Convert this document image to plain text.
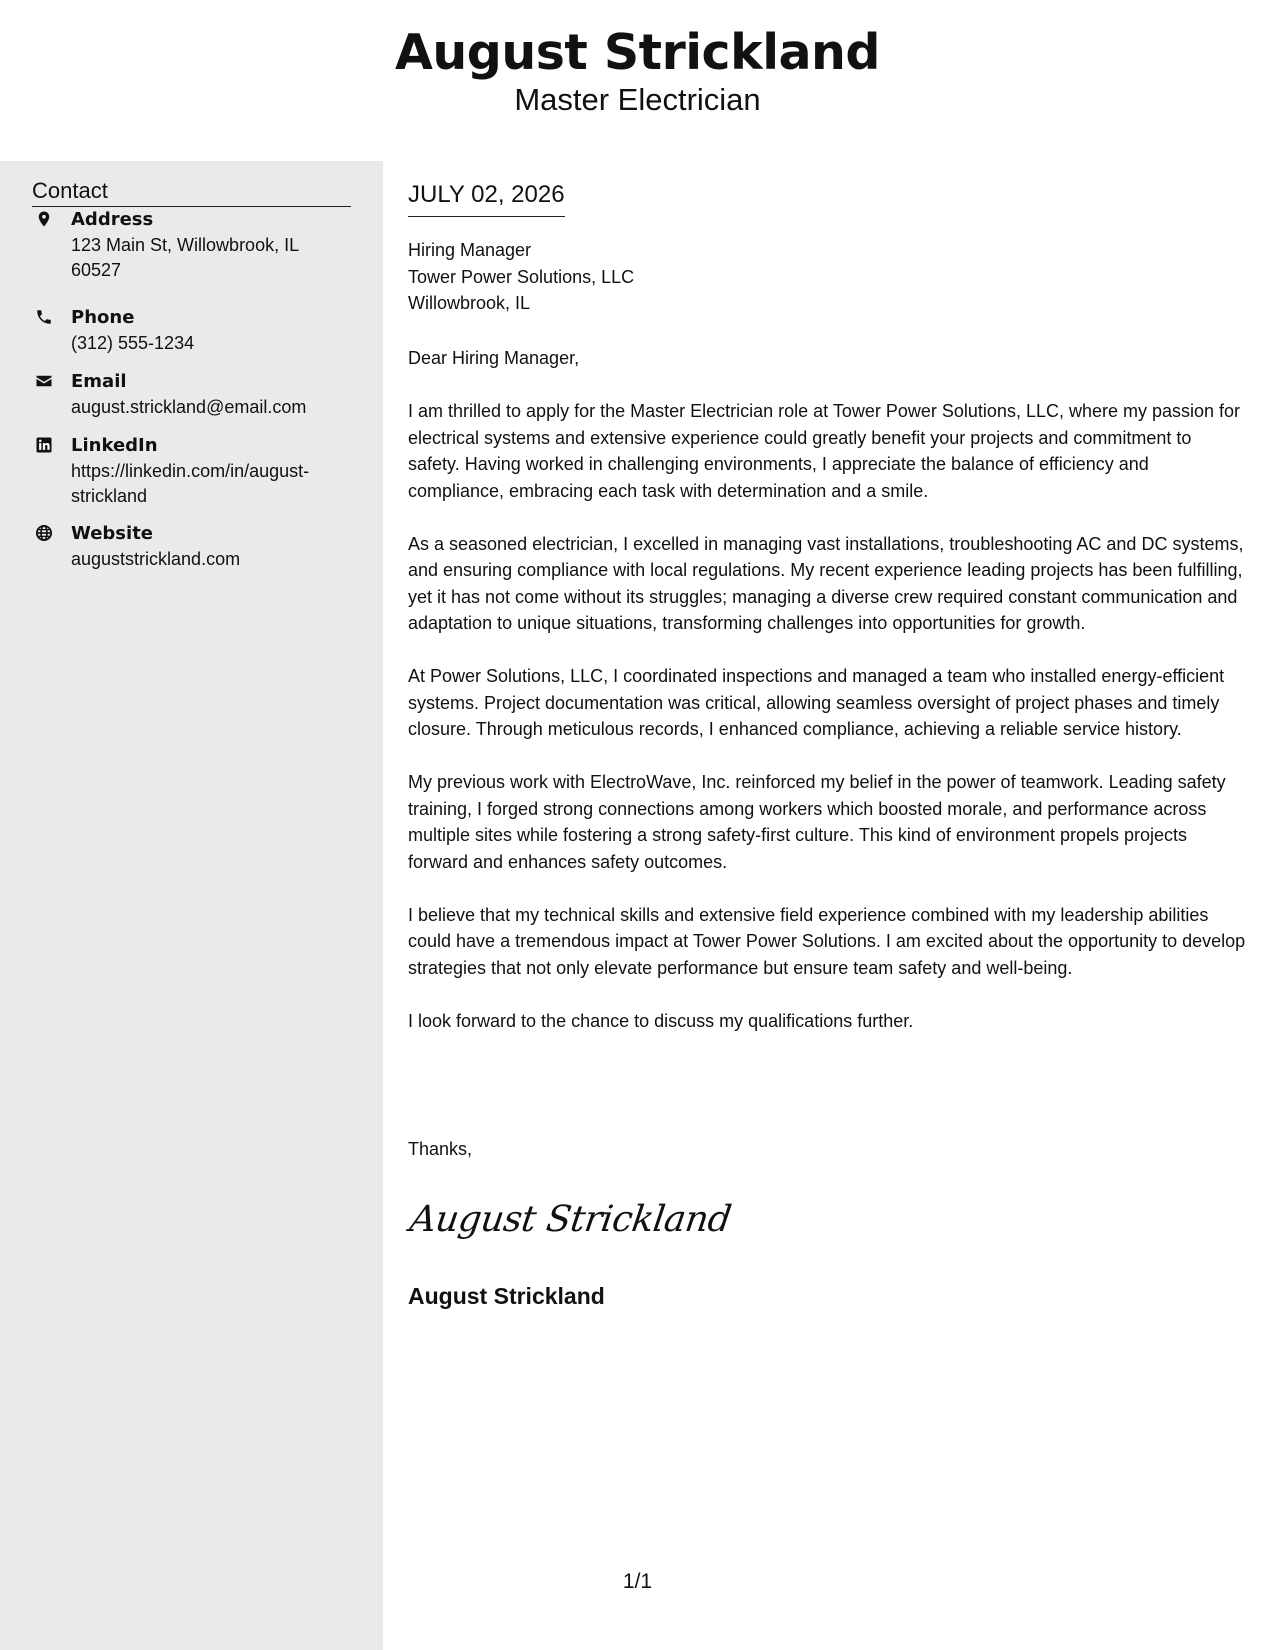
August Strickland
Master Electrician
Contact
Address
123 Main St, Willowbrook, IL 60527
Phone
(312) 555-1234
Email
august.strickland@email.com
LinkedIn
https://linkedin.com/in/august-strickland
Website
auguststrickland.com
JULY 02, 2026
Hiring Manager
Tower Power Solutions, LLC
Willowbrook, IL

Dear Hiring Manager,

I am thrilled to apply for the Master Electrician role at Tower Power Solutions, LLC, where my passion for electrical systems and extensive experience could greatly benefit your projects and commitment to safety. Having worked in challenging environments, I appreciate the balance of efficiency and compliance, embracing each task with determination and a smile.

As a seasoned electrician, I excelled in managing vast installations, troubleshooting AC and DC systems, and ensuring compliance with local regulations. My recent experience leading projects has been fulfilling, yet it has not come without its struggles; managing a diverse crew required constant communication and adaptation to unique situations, transforming challenges into opportunities for growth.

At Power Solutions, LLC, I coordinated inspections and managed a team who installed energy-efficient systems. Project documentation was critical, allowing seamless oversight of project phases and timely closure. Through meticulous records, I enhanced compliance, achieving a reliable service history.

My previous work with ElectroWave, Inc. reinforced my belief in the power of teamwork. Leading safety training, I forged strong connections among workers which boosted morale, and performance across multiple sites while fostering a strong safety-first culture. This kind of environment propels projects forward and enhances safety outcomes.

I believe that my technical skills and extensive field experience combined with my leadership abilities could have a tremendous impact at Tower Power Solutions. I am excited about the opportunity to develop strategies that not only elevate performance but ensure team safety and well-being.

I look forward to the chance to discuss my qualifications further.

Thanks,
August Strickland
August Strickland
1/1
